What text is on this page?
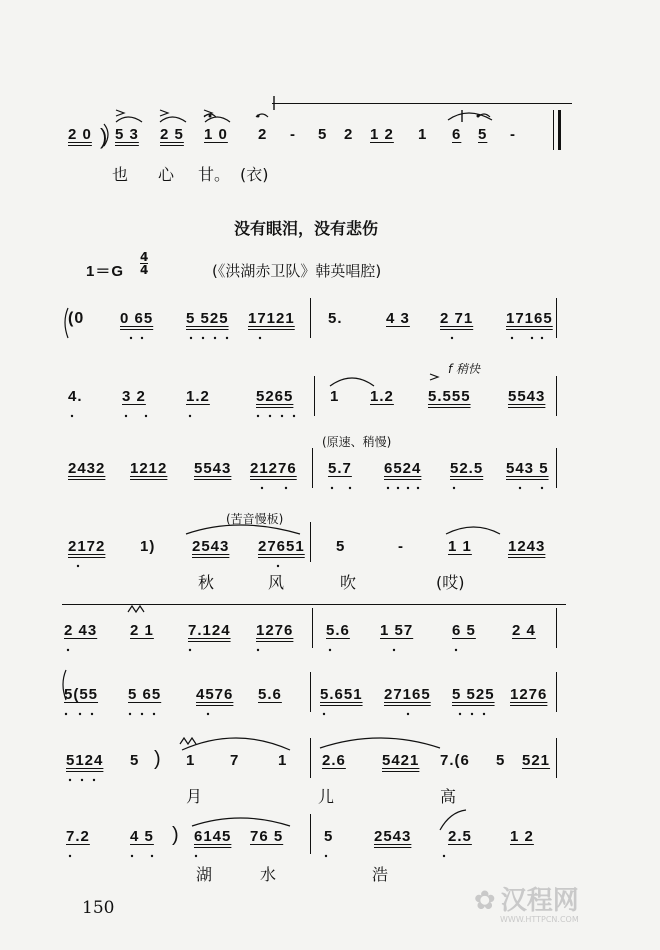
2 0 ) 5 3 2 5 1 0 2 - 5 2 1 2 1 6 5 -
也 心 甘。 (衣)
没有眼泪，没有悲伤
$1=G \frac{4}{4}$	(《洪湖赤卫队》韩英唱腔)
(0 0 65 5 525 17121 5.	4 3 2 71 17165
f 稍快
4.	3 2	1.2	5265 1 1.2 5.555 5543
(原速、稍慢)
2432 1212 5543 21276 5.7 6524 52.5 543 5
(苦音慢板)
2172 1) 2543 27651 5	-	1 1 1243
秋	风	吹	(哎)
2 43 2 1 7.124 1276 5.6 1 57	6 5 2 4
5(55 5 65 4576 5.6	5.651 27165 5 525 1276
5124 5 ) 1 7	1 2.6 5421 7.(6 5 521
月	儿	高
7.2	4 5 ) 6145 76 5	5	2543 2.5	1 2
湖	水	浩
150	✿ 汉程网
WWW.HTTPCN.COM
